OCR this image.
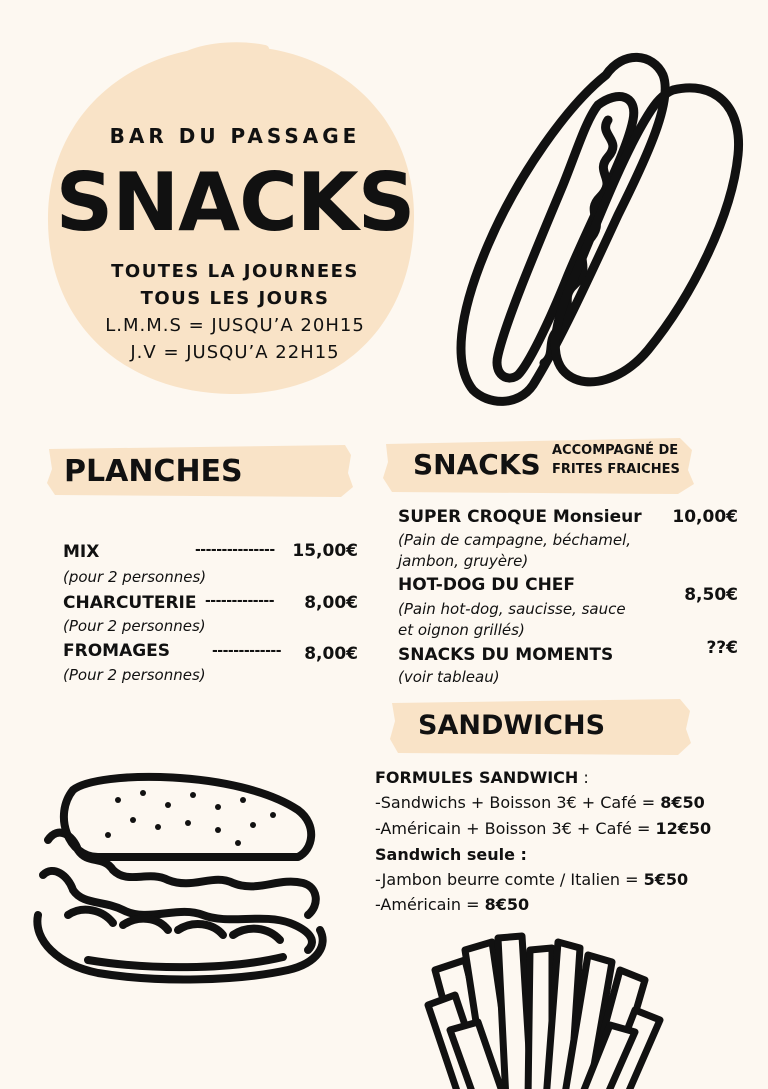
BAR DU PASSAGE
SNACKS
TOUTES LA JOURNEES
TOUS LES JOURS
L.M.M.S = JUSQU’A 20H15
J.V = JUSQU’A 22H15
PLANCHES
MIX	---------------	15,00€
(pour 2 personnes)
CHARCUTERIE -------------	8,00€
(Pour 2 personnes)
FROMAGES	-------------	8,00€
(Pour 2 personnes)
SNACKS ACCOMPAGNÉ DE
FRITES FRAICHES
SUPER CROQUE Monsieur	10,00€
(Pain de campagne, béchamel,
jambon, gruyère)
HOT-DOG DU CHEF	8,50€
(Pain hot-dog, saucisse, sauce
et oignon grillés)
SNACKS DU MOMENTS	??€
(voir tableau)
SANDWICHS
FORMULES SANDWICH :
-Sandwichs + Boisson 3€ + Café = 8€50
-Américain + Boisson 3€ + Café = 12€50
Sandwich seule :
-Jambon beurre comte / Italien = 5€50
-Américain = 8€50
